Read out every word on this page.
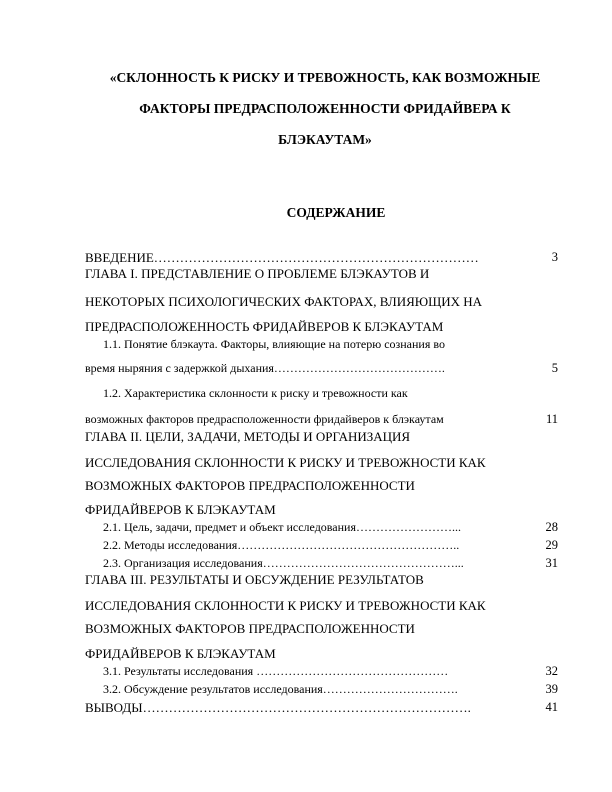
«СКЛОННОСТЬ К РИСКУ И ТРЕВОЖНОСТЬ, КАК ВОЗМОЖНЫЕ
ФАКТОРЫ ПРЕДРАСПОЛОЖЕННОСТИ ФРИДАЙВЕРА К
БЛЭКАУТАМ»
СОДЕРЖАНИЕ
ВВЕДЕНИЕ…………………………………………………………………	3
ГЛАВА I. ПРЕДСТАВЛЕНИЕ О ПРОБЛЕМЕ БЛЭКАУТОВ И
НЕКОТОРЫХ ПСИХОЛОГИЧЕСКИХ ФАКТОРАХ, ВЛИЯЮЩИХ НА
ПРЕДРАСПОЛОЖЕННОСТЬ ФРИДАЙВЕРОВ К БЛЭКАУТАМ
1.1. Понятие блэкаута. Факторы, влияющие на потерю сознания во
время ныряния с задержкой дыхания…………………………………….	5
1.2. Характеристика склонности к риску и тревожности как
возможных факторов предрасположенности фридайверов к блэкаутам	11
ГЛАВА II. ЦЕЛИ, ЗАДАЧИ, МЕТОДЫ И ОРГАНИЗАЦИЯ
ИССЛЕДОВАНИЯ СКЛОННОСТИ К РИСКУ И ТРЕВОЖНОСТИ КАК
ВОЗМОЖНЫХ ФАКТОРОВ ПРЕДРАСПОЛОЖЕННОСТИ
ФРИДАЙВЕРОВ К БЛЭКАУТАМ
2.1. Цель, задачи, предмет и объект исследования……………………...	28
2.2. Методы исследования………………………………………………..	29
2.3. Организация исследования…………………………………………...	31
ГЛАВА III. РЕЗУЛЬТАТЫ И ОБСУЖДЕНИЕ РЕЗУЛЬТАТОВ
ИССЛЕДОВАНИЯ СКЛОННОСТИ К РИСКУ И ТРЕВОЖНОСТИ КАК
ВОЗМОЖНЫХ ФАКТОРОВ ПРЕДРАСПОЛОЖЕННОСТИ
ФРИДАЙВЕРОВ К БЛЭКАУТАМ
3.1. Результаты исследования …………………………………………	32
3.2. Обсуждение результатов исследования…………………………….	39
ВЫВОДЫ………………………………………………………………….	41
